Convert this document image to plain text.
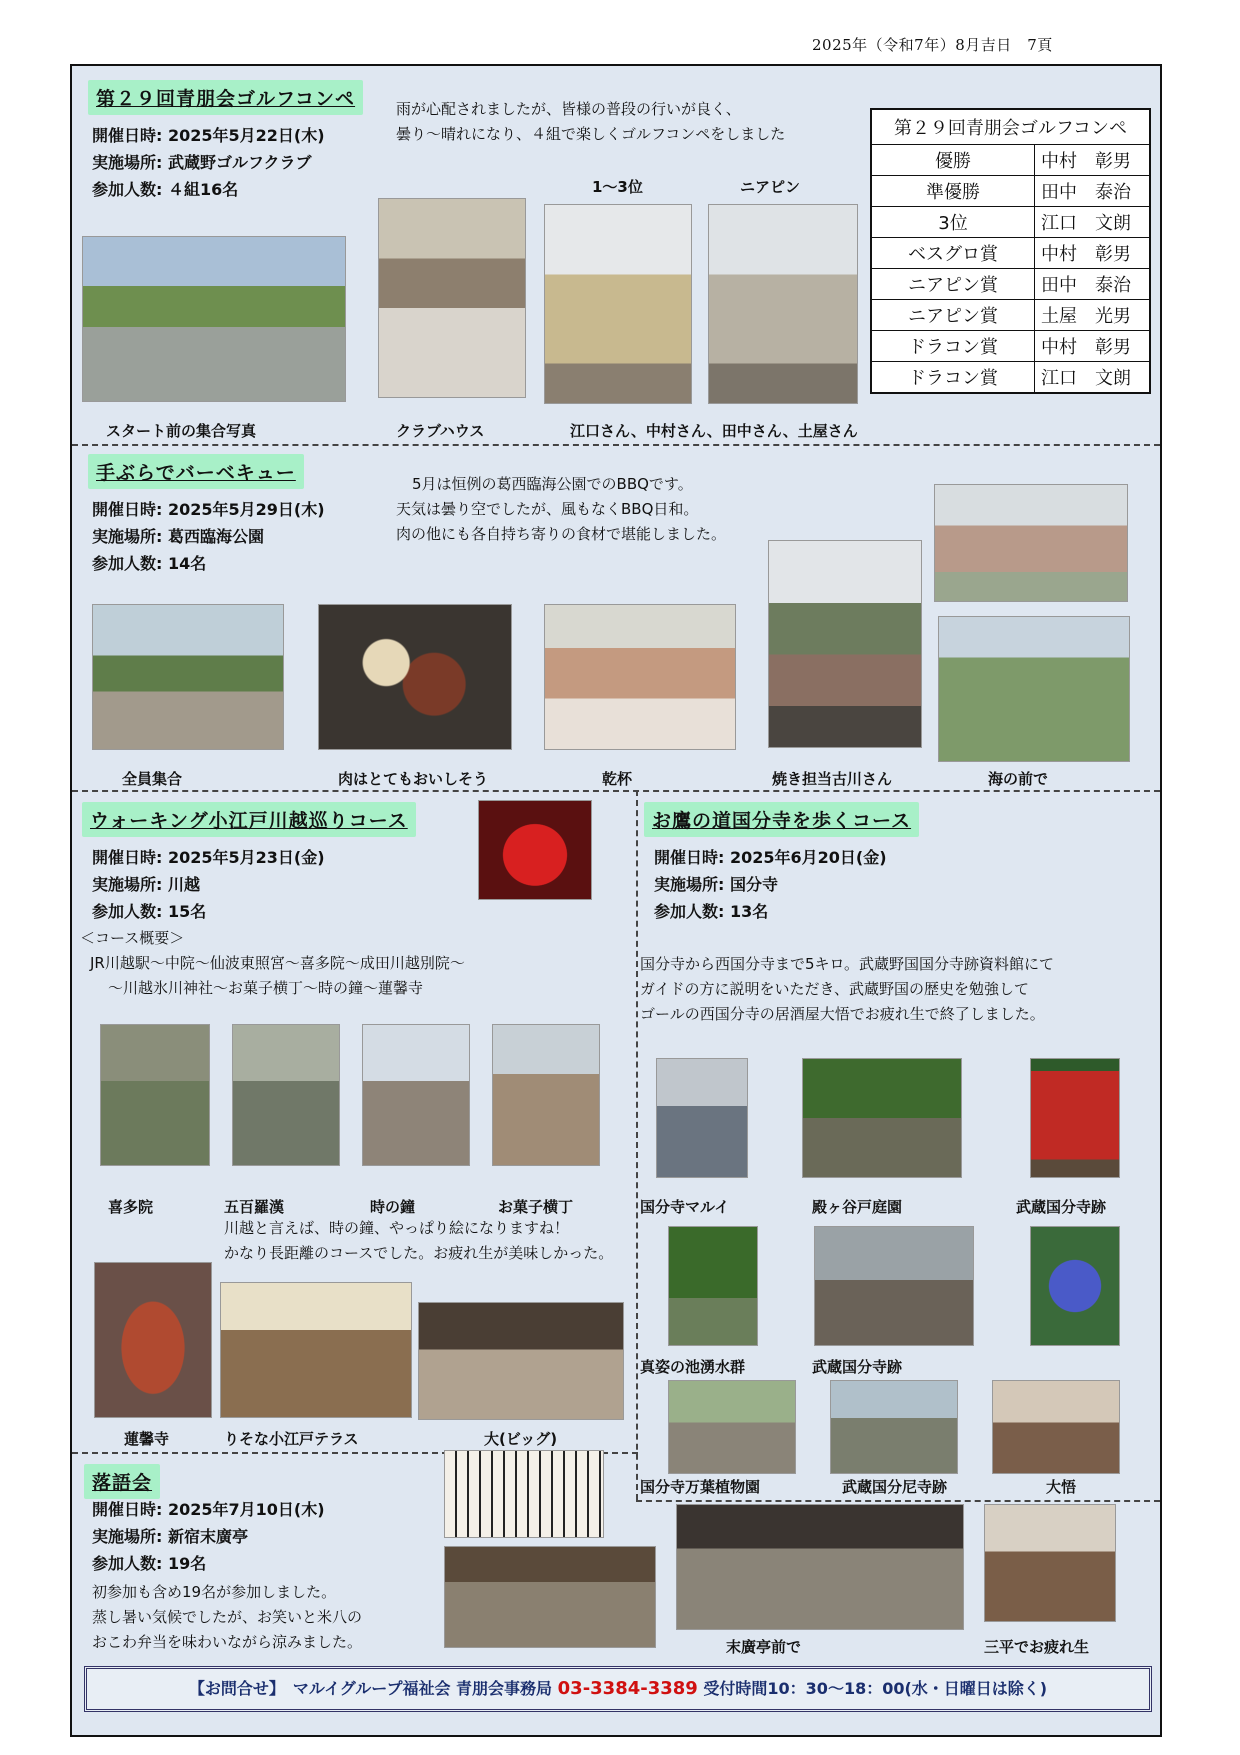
2025年（令和7年）8月吉日　7頁
第２９回青朋会ゴルフコンペ
開催日時: 2025年5月22日(木)
実施場所: 武蔵野ゴルフクラブ
参加人数: ４組16名
雨が心配されましたが、皆様の普段の行いが良く、
曇り〜晴れになり、４組で楽しくゴルフコンペをしました
1〜3位	ニアピン
スタート前の集合写真	クラブハウス	江口さん、中村さん、田中さん、土屋さん
第２９回青朋会ゴルフコンペ	
優勝	中村　彰男
準優勝	田中　泰治
3位	江口　文朗
ベスグロ賞	中村　彰男
ニアピン賞	田中　泰治
ニアピン賞	土屋　光男
ドラコン賞	中村　彰男
ドラコン賞	江口　文朗
手ぶらでバーベキュー
開催日時: 2025年5月29日(木)
実施場所: 葛西臨海公園
参加人数: 14名
5月は恒例の葛西臨海公園でのBBQです。
天気は曇り空でしたが、風もなくBBQ日和。
肉の他にも各自持ち寄りの食材で堪能しました。
全員集合	肉はとてもおいしそう	乾杯	焼き担当古川さん	海の前で
ウォーキング小江戸川越巡りコース
開催日時: 2025年5月23日(金)
実施場所: 川越
参加人数: 15名
＜コース概要＞
JR川越駅〜中院〜仙波東照宮〜喜多院〜成田川越別院〜
〜川越氷川神社〜お菓子横丁〜時の鐘〜蓮馨寺
喜多院	五百羅漢	時の鐘	お菓子横丁
川越と言えば、時の鐘、やっぱり絵になりますね！
かなり長距離のコースでした。お疲れ生が美味しかった。
蓮馨寺	りそな小江戸テラス	大(ビッグ)
お鷹の道国分寺を歩くコース
開催日時: 2025年6月20日(金)
実施場所: 国分寺
参加人数: 13名
国分寺から西国分寺まで5キロ。武蔵野国国分寺跡資料館にて
ガイドの方に説明をいただき、武蔵野国の歴史を勉強して
ゴールの西国分寺の居酒屋大悟でお疲れ生で終了しました。
国分寺マルイ	殿ヶ谷戸庭園	武蔵国分寺跡
真姿の池湧水群	武蔵国分寺跡
国分寺万葉植物園	武蔵国分尼寺跡	大悟
落語会
開催日時: 2025年7月10日(木)
実施場所: 新宿末廣亭
参加人数: 19名
初参加も含め19名が参加しました。
蒸し暑い気候でしたが、お笑いと米八の
おこわ弁当を味わいながら涼みました。	末廣亭前で	三平でお疲れ生
【お問合せ】　マルイグループ福祉会 青朋会事務局 03-3384-3389 受付時間10：30〜18：00(水・日曜日は除く)
